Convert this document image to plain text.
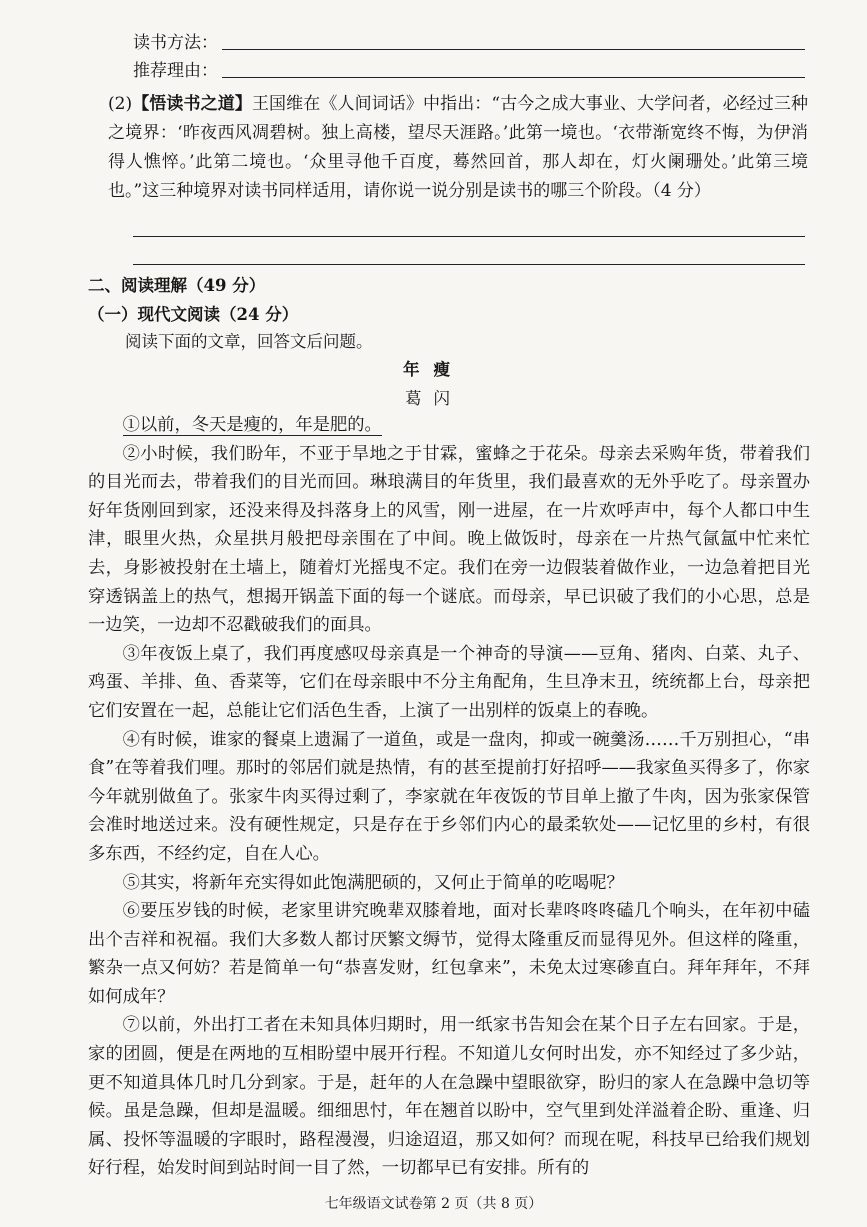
读书方法：
推荐理由：
(2)【悟读书之道】王国维在《人间词话》中指出：“古今之成大事业、大学问者，必经过三种之境界：‘昨夜西风凋碧树。独上高楼，望尽天涯路。’此第一境也。‘衣带渐宽终不悔，为伊消得人憔悴。’此第二境也。‘众里寻他千百度，蓦然回首，那人却在，灯火阑珊处。’此第三境也。”这三种境界对读书同样适用，请你说一说分别是读书的哪三个阶段。（4 分）
二、阅读理解（49 分）
（一）现代文阅读（24 分）
阅读下面的文章，回答文后问题。
年瘦
葛闪

①以前，冬天是瘦的，年是肥的。

②小时候，我们盼年，不亚于旱地之于甘霖，蜜蜂之于花朵。母亲去采购年货，带着我们的目光而去，带着我们的目光而回。琳琅满目的年货里，我们最喜欢的无外乎吃了。母亲置办好年货刚回到家，还没来得及抖落身上的风雪，刚一进屋，在一片欢呼声中，每个人都口中生津，眼里火热，众星拱月般把母亲围在了中间。晚上做饭时，母亲在一片热气氤氲中忙来忙去，身影被投射在土墙上，随着灯光摇曳不定。我们在旁一边假装着做作业，一边急着把目光穿透锅盖上的热气，想揭开锅盖下面的每一个谜底。而母亲，早已识破了我们的小心思，总是一边笑，一边却不忍戳破我们的面具。

③年夜饭上桌了，我们再度感叹母亲真是一个神奇的导演——豆角、猪肉、白菜、丸子、鸡蛋、羊排、鱼、香菜等，它们在母亲眼中不分主角配角，生旦净末丑，统统都上台，母亲把它们安置在一起，总能让它们活色生香，上演了一出别样的饭桌上的春晚。

④有时候，谁家的餐桌上遗漏了一道鱼，或是一盘肉，抑或一碗羹汤……千万别担心，“串食”在等着我们哩。那时的邻居们就是热情，有的甚至提前打好招呼——我家鱼买得多了，你家今年就别做鱼了。张家牛肉买得过剩了，李家就在年夜饭的节目单上撤了牛肉，因为张家保管会准时地送过来。没有硬性规定，只是存在于乡邻们内心的最柔软处——记忆里的乡村，有很多东西，不经约定，自在人心。

⑤其实，将新年充实得如此饱满肥硕的，又何止于简单的吃喝呢？

⑥要压岁钱的时候，老家里讲究晚辈双膝着地，面对长辈咚咚咚磕几个响头，在年初中磕出个吉祥和祝福。我们大多数人都讨厌繁文缛节，觉得太隆重反而显得见外。但这样的隆重，繁杂一点又何妨？若是简单一句“恭喜发财，红包拿来”，未免太过寒碜直白。拜年拜年，不拜如何成年？

⑦以前，外出打工者在未知具体归期时，用一纸家书告知会在某个日子左右回家。于是，家的团圆，便是在两地的互相盼望中展开行程。不知道儿女何时出发，亦不知经过了多少站，更不知道具体几时几分到家。于是，赶年的人在急躁中望眼欲穿，盼归的家人在急躁中急切等候。虽是急躁，但却是温暖。细细思忖，年在翘首以盼中，空气里到处洋溢着企盼、重逢、归属、投怀等温暖的字眼时，路程漫漫，归途迢迢，那又如何？而现在呢，科技早已给我们规划好行程，始发时间到站时间一目了然，一切都早已有安排。所有的

七年级语文试卷第 2 页（共 8 页）
